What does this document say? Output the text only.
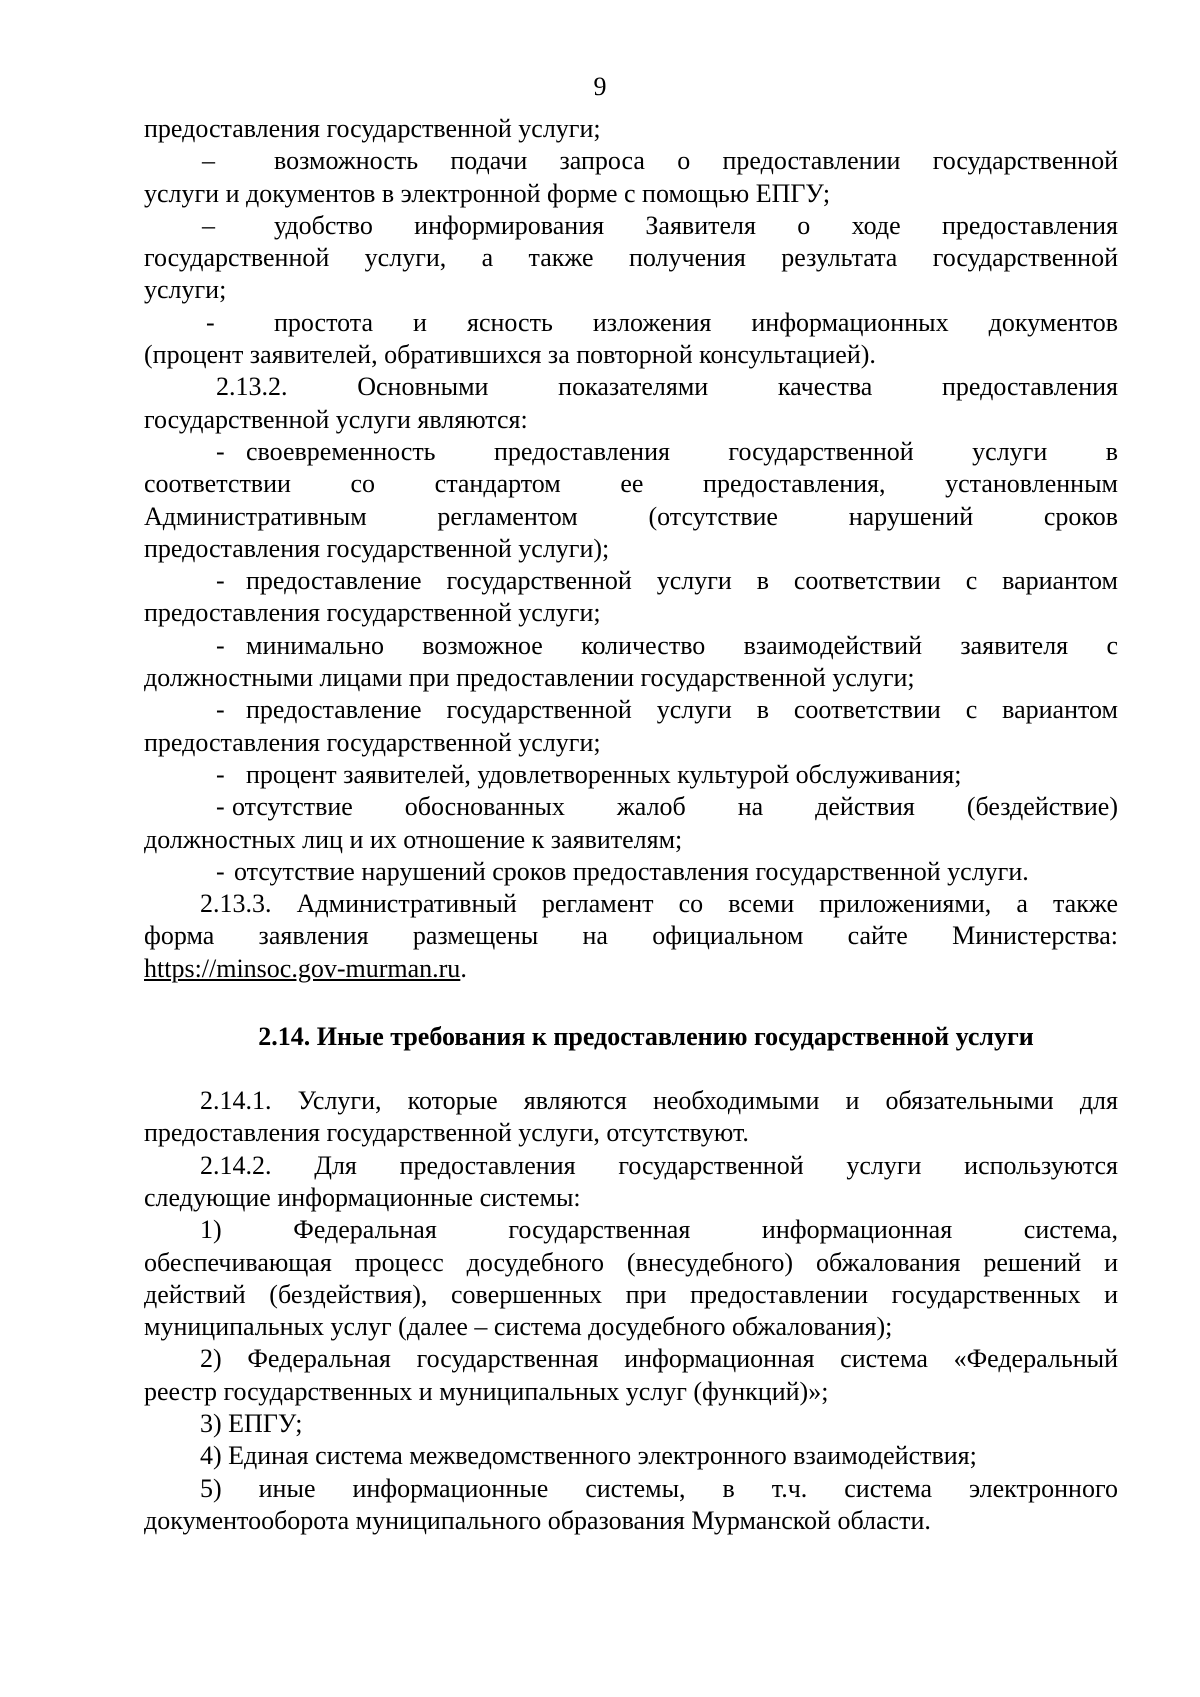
9
предоставления государственной услуги;
–	возможность подачи запроса о предоставлении государственной
услуги и документов в электронной форме с помощью ЕПГУ;
–	удобство информирования Заявителя о ходе предоставления
государственной услуги, а также получения результата государственной
услуги;
-	простота и ясность изложения информационных документов
(процент заявителей, обратившихся за повторной консультацией).
2.13.2. Основными показателями качества предоставления
государственной услуги являются:
- своевременность предоставления государственной услуги в
соответствии со стандартом ее предоставления, установленным
Административным регламентом (отсутствие нарушений сроков
предоставления государственной услуги);
- предоставление государственной услуги в соответствии с вариантом
предоставления государственной услуги;
- минимально возможное количество взаимодействий заявителя с
должностными лицами при предоставлении государственной услуги;
- предоставление государственной услуги в соответствии с вариантом
предоставления государственной услуги;
- процент заявителей, удовлетворенных культурой обслуживания;
- отсутствие обоснованных жалоб на действия (бездействие)
должностных лиц и их отношение к заявителям;
- отсутствие нарушений сроков предоставления государственной услуги.
2.13.3. Административный регламент со всеми приложениями, а также
форма заявления размещены на официальном сайте Министерства:
https://minsoc.gov-murman.ru.
2.14. Иные требования к предоставлению государственной услуги
2.14.1. Услуги, которые являются необходимыми и обязательными для
предоставления государственной услуги, отсутствуют.
2.14.2. Для предоставления государственной услуги используются
следующие информационные системы:
1) Федеральная государственная информационная система,
обеспечивающая процесс досудебного (внесудебного) обжалования решений и
действий (бездействия), совершенных при предоставлении государственных и
муниципальных услуг (далее – система досудебного обжалования);
2) Федеральная государственная информационная система «Федеральный
реестр государственных и муниципальных услуг (функций)»;
3) ЕПГУ;
4) Единая система межведомственного электронного взаимодействия;
5) иные информационные системы, в т.ч. система электронного
документооборота муниципального образования Мурманской области.
